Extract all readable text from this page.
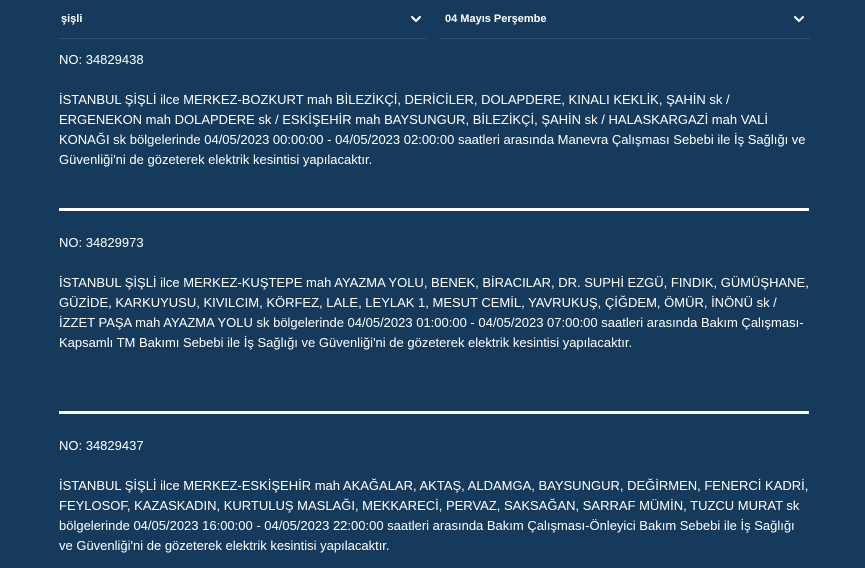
şişli	04 Mayıs Perşembe

NO: 34829438

İSTANBUL ŞİŞLİ ilce MERKEZ-BOZKURT mah BİLEZİKÇİ, DERİCİLER, DOLAPDERE, KINALI KEKLİK, ŞAHİN sk / ERGENEKON mah DOLAPDERE sk / ESKİŞEHİR mah BAYSUNGUR, BİLEZİKÇİ, ŞAHİN sk / HALASKARGAZİ mah VALİ KONAĞI sk bölgelerinde 04/05/2023 00:00:00 - 04/05/2023 02:00:00 saatleri arasında Manevra Çalışması Sebebi ile İş Sağlığı ve Güvenliği'ni de gözeterek elektrik kesintisi yapılacaktır.

NO: 34829973

İSTANBUL ŞİŞLİ ilce MERKEZ-KUŞTEPE mah AYAZMA YOLU, BENEK, BİRACILAR, DR. SUPHİ EZGÜ, FINDIK, GÜMÜŞHANE, GÜZİDE, KARKUYUSU, KIVILCIM, KÖRFEZ, LALE, LEYLAK 1, MESUT CEMİL, YAVRUKUŞ, ÇİĞDEM, ÖMÜR, İNÖNÜ sk / İZZET PAŞA mah AYAZMA YOLU sk bölgelerinde 04/05/2023 01:00:00 - 04/05/2023 07:00:00 saatleri arasında Bakım Çalışması-Kapsamlı TM Bakımı Sebebi ile İş Sağlığı ve Güvenliği'ni de gözeterek elektrik kesintisi yapılacaktır.

NO: 34829437

İSTANBUL ŞİŞLİ ilce MERKEZ-ESKİŞEHİR mah AKAĞALAR, AKTAŞ, ALDAMGA, BAYSUNGUR, DEĞİRMEN, FENERCİ KADRİ, FEYLOSOF, KAZASKADIN, KURTULUŞ MASLAĞI, MEKKARECİ, PERVAZ, SAKSAĞAN, SARRAF MÜMİN, TUZCU MURAT sk bölgelerinde 04/05/2023 16:00:00 - 04/05/2023 22:00:00 saatleri arasında Bakım Çalışması-Önleyici Bakım Sebebi ile İş Sağlığı ve Güvenliği'ni de gözeterek elektrik kesintisi yapılacaktır.
